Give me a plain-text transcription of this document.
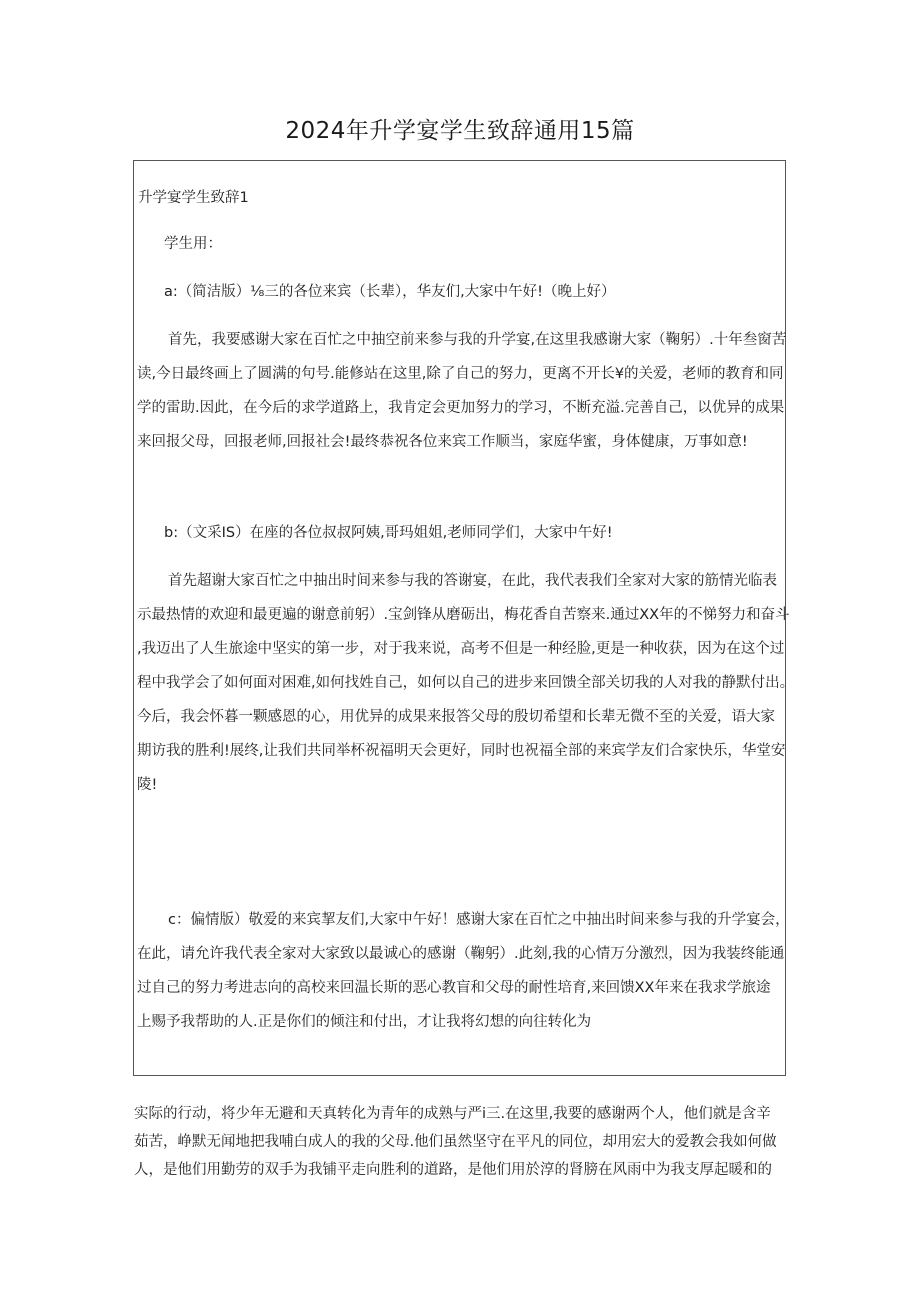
2024年升学宴学生致辞通用15篇
升学宴学生致辞1
学生用：
a:（简洁版）⅛三的各位来宾（长辈），华友们,大家中午好!（晚上好）
首先，我要感谢大家在百忙之中抽空前来参与我的升学宴,在这里我感谢大家（鞠躬）.十年叁窗苦
读,今日最终画上了圆满的句号.能修站在这里,除了自己的努力，更离不开长¥的关爱，老师的教育和同
学的雷助.因此，在今后的求学道路上，我肯定会更加努力的学习，不断充溢.完善自己，以优异的成果
来回报父母，回报老师,回报社会!最终恭祝各位来宾工作顺当，家庭华蜜，身体健康，万事如意!
b:（文采IS）在座的各位叔叔阿姨,哥玛姐姐,老师同学们，大家中午好!
首先超谢大家百忙之中抽出时间来参与我的答谢宴，在此，我代表我们全家对大家的筋情光临表
示最热情的欢迎和最更遍的谢意前躬）.宝剑锋从磨砺出，梅花香自苦察来.通过XX年的不悌努力和奋斗
,我迈出了人生旅途中坚实的第一步，对于我来说，高考不但是一种经脸,更是一种收获，因为在这个过
程中我学会了如何面对困难,如何找姓自己，如何以自己的进步来回馈全部关切我的人对我的静默付出。
今后，我会怀暮一颗感恩的心，用优异的成果来报答父母的殷切希望和长辈无微不至的关爱，语大家
期访我的胜利!展终,让我们共同举杯祝福明天会更好，同时也祝福全部的来宾学友们合家快乐，华堂安
陵!
c：偏情版）敬爱的来宾挈友们,大家中午好！感谢大家在百忙之中抽出时间来参与我的升学宴会，
在此，请允许我代表全家对大家致以最诚心的感谢（鞠躬）.此刻,我的心情万分激烈，因为我装终能通
过自己的努力考进志向的高校来回温长斯的恶心教盲和父母的耐性培育,来回馈XX年来在我求学旅途
上赐予我帮助的人.正是你们的倾注和付出，才让我将幻想的向往转化为
实际的行动，将少年无避和天真转化为青年的成熟与严i三.在这里,我要的感谢两个人，他们就是含辛
茹苦，峥默无闻地把我哺白成人的我的父母.他们虽然坚守在平凡的同位，却用宏大的爱教会我如何做
人，是他们用勤劳的双手为我铺平走向胜利的道路，是他们用於淳的肾膀在风雨中为我支厚起暖和的
